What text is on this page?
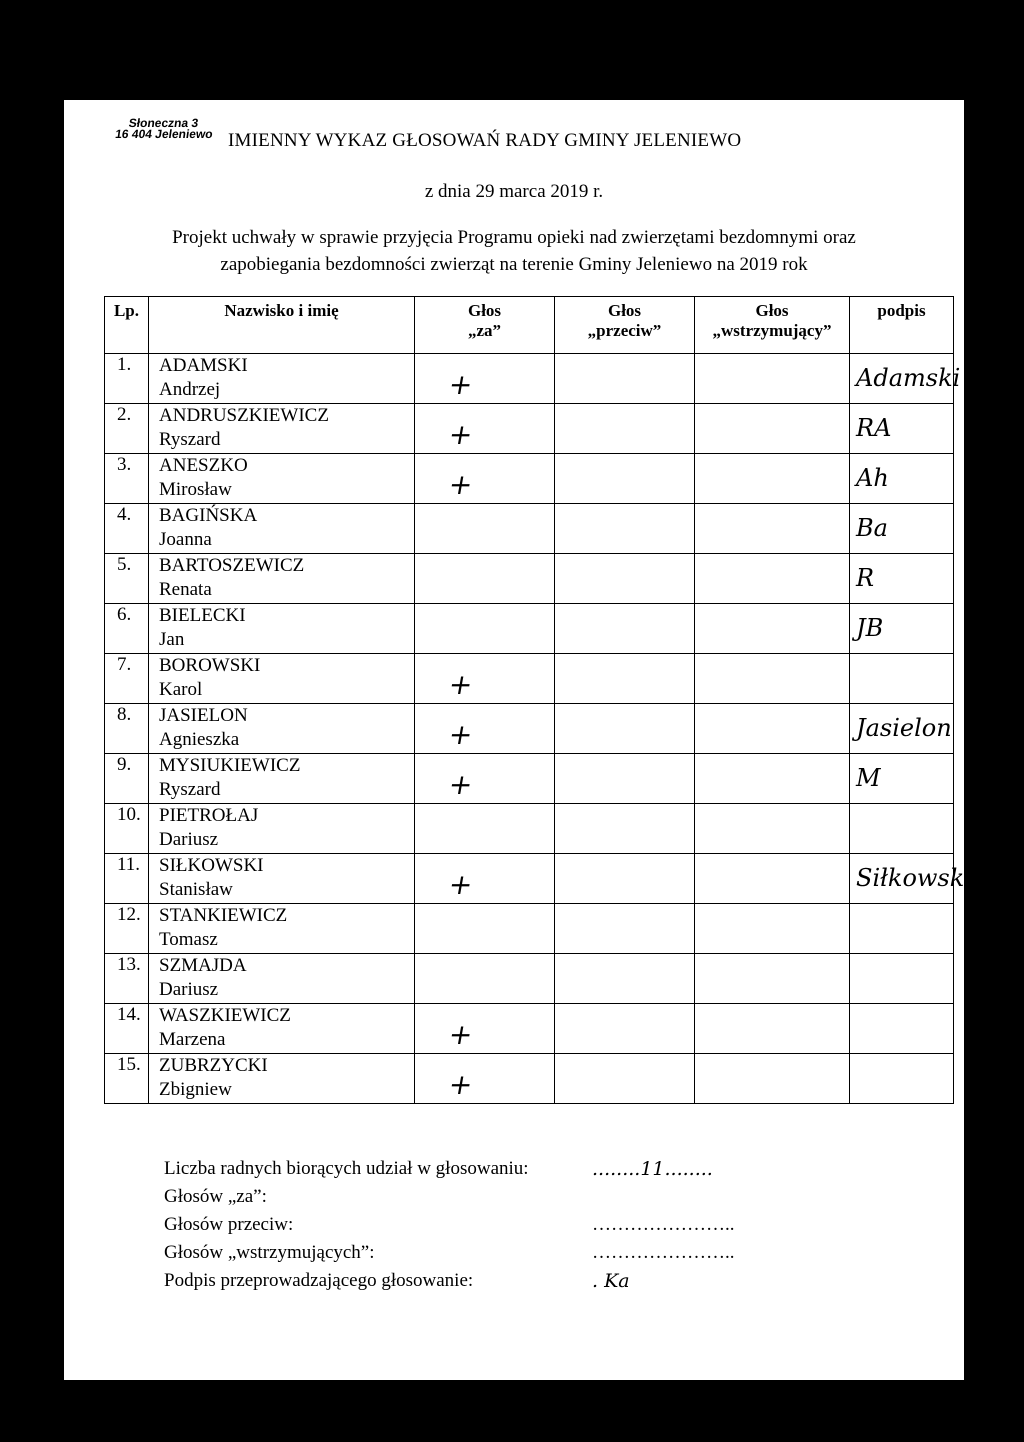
Słoneczna 3
16 404 Jeleniewo IMIENNY WYKAZ GŁOSOWAŃ RADY GMINY JELENIEWO
z dnia 29 marca 2019 r.
Projekt uchwały w sprawie przyjęcia Programu opieki nad zwierzętami bezdomnymi oraz
zapobiegania bezdomności zwierząt na terenie Gminy Jeleniewo na 2019 rok
Lp.	Nazwisko i imię	Głos
„za”	Głos
„przeciw”	Głos
„wstrzymujący”	podpis
1.	ADAMSKI
Andrzej	+			Adamski

2.	ANDRUSZKIEWICZ
Ryszard	+			RA

3.	ANESZKO
Mirosław	+			Ah

4.	BAGIŃSKA
Joanna				Ba

5.	BARTOSZEWICZ
Renata				R

6.	BIELECKI
Jan				JB

7.	BOROWSKI
Karol	+			

8.	JASIELON
Agnieszka	+			Jasielon

9.	MYSIUKIEWICZ
Ryszard	+			M

10.	PIETROŁAJ
Dariusz				

11.	SIŁKOWSKI
Stanisław	+			Siłkowski

12.	STANKIEWICZ
Tomasz				

13.	SZMAJDA
Dariusz				

14.	WASZKIEWICZ
Marzena	+			

15.	ZUBRZYCKI
Zbigniew	+			

Liczba radnych biorących udział w głosowaniu:	........11........
Głosów „za”:
Głosów przeciw:	…………………..
Głosów „wstrzymujących”:	…………………..
Podpis przeprowadzającego głosowanie:	. Ka
